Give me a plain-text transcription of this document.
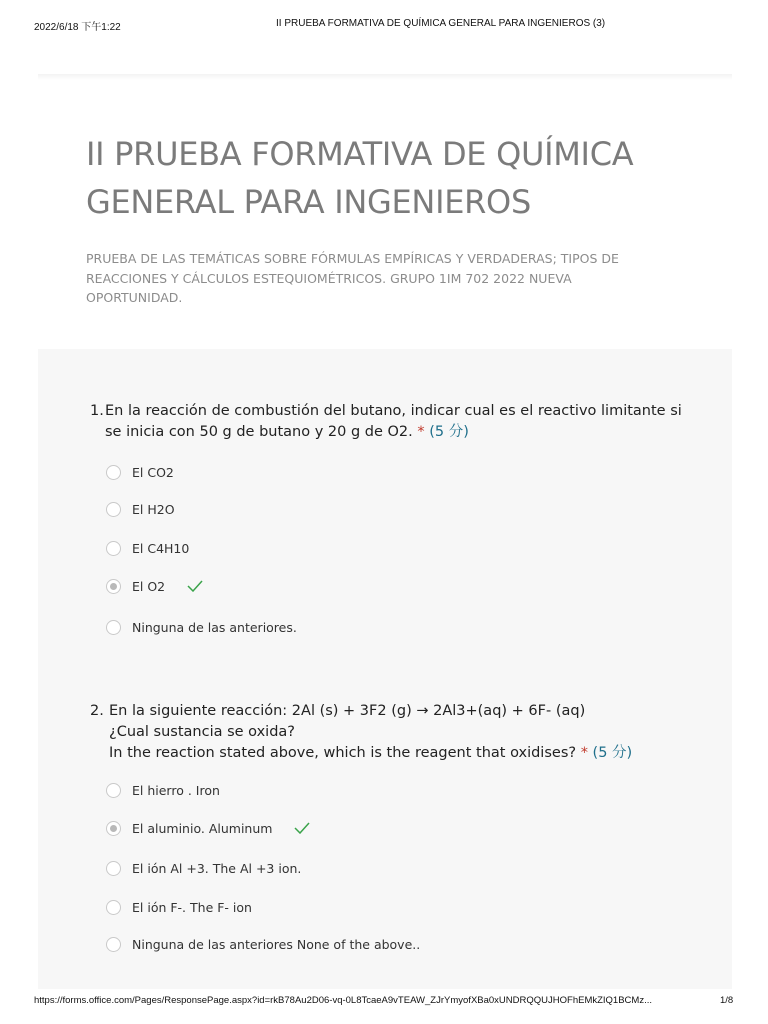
2022/6/18 下午1:22	II PRUEBA FORMATIVA DE QUÍMICA GENERAL PARA INGENIEROS (3)
II PRUEBA FORMATIVA DE QUÍMICA GENERAL PARA INGENIEROS
PRUEBA DE LAS TEMÁTICAS SOBRE FÓRMULAS EMPÍRICAS Y VERDADERAS; TIPOS DE REACCIONES Y CÁLCULOS ESTEQUIOMÉTRICOS. GRUPO 1IM 702 2022 NUEVA OPORTUNIDAD.
1. En la reacción de combustión del butano, indicar cual es el reactivo limitante si
se inicia con 50 g de butano y 20 g de O2. * (5 分)
El CO2
El H2O
El C4H10
El O2
Ninguna de las anteriores.
2. En la siguiente reacción: 2Al (s) + 3F2 (g) → 2Al3+(aq) + 6F- (aq)
¿Cual sustancia se oxida?
In the reaction stated above, which is the reagent that oxidises? * (5 分)
El hierro . Iron
El aluminio. Aluminum
El ión Al +3. The Al +3 ion.
El ión F-. The F- ion
Ninguna de las anteriores None of the above..
https://forms.office.com/Pages/ResponsePage.aspx?id=rkB78Au2D06-vq-0L8TcaeA9vTEAW_ZJrYmyofXBa0xUNDRQQUJHOFhEMkZIQ1BCMz...	1/8
